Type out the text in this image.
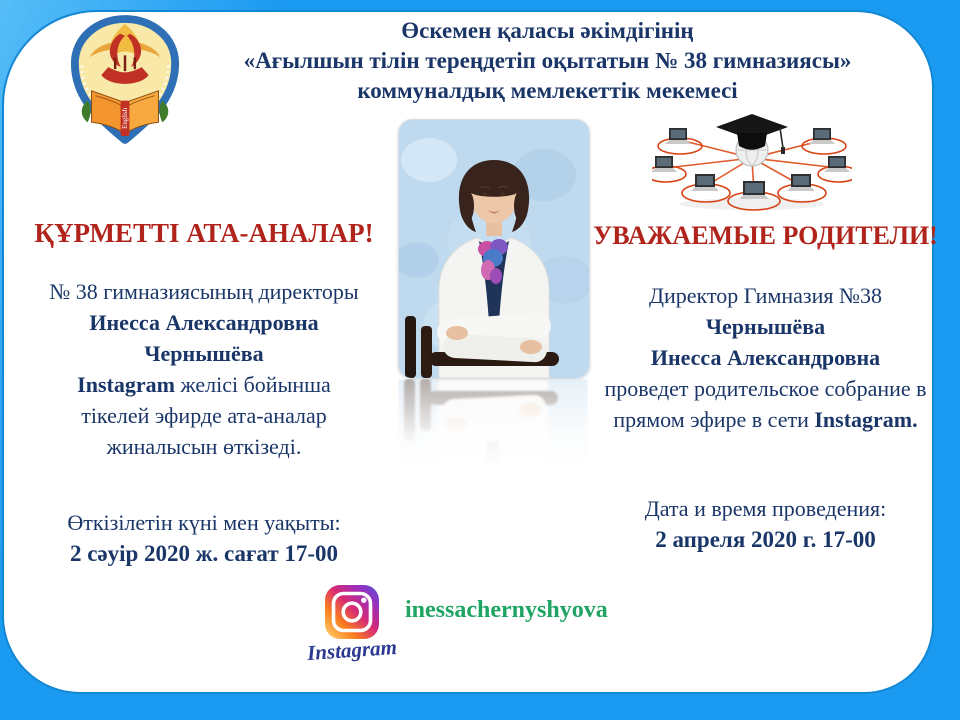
English
Өскемен қаласы әкімдігінің
«Ағылшын тілін тереңдетіп оқытатын № 38 гимназиясы»
коммуналдық мемлекеттік мекемесі
ҚҰРМЕТТІ АТА-АНАЛАР!
№ 38 гимназиясының директоры
Инесса Александровна
Чернышёва
Instagram желісі бойынша
тікелей эфирде ата-аналар
жиналысын өткізеді.
Өткізілетін күні мен уақыты:
2 сәуір 2020 ж. сағат 17-00
УВАЖАЕМЫЕ РОДИТЕЛИ!
Директор Гимназия №38
Чернышёва
Инесса Александровна
проведет родительское собрание в
прямом эфире в сети Instagram.
Дата и время проведения:
2 апреля 2020 г. 17-00
Instagram
inessachernyshyova
